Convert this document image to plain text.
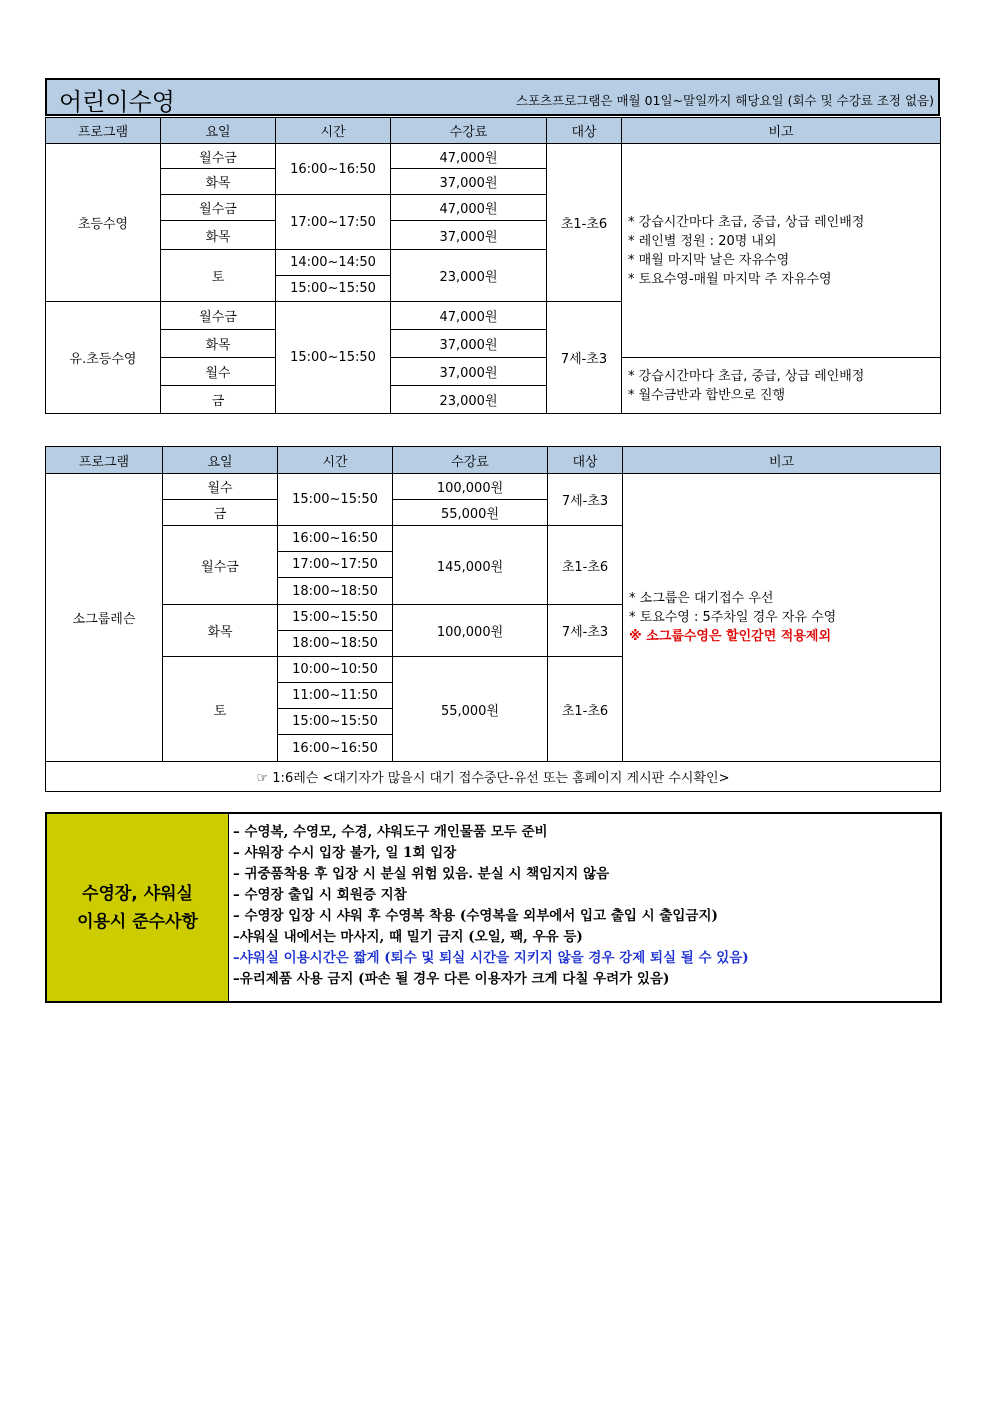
어린이수영	스포츠프로그램은 매월 01일~말일까지 해당요일 (회수 및 수강료 조정 없음)
프로그램	요일	시간	수강료	대상	비고
초등수영	월수금	16:00~16:50	47,000원	초1-초6	* 강습시간마다 초급, 중급, 상급 레인배정
* 레인별 정원 : 20명 내외
* 매월 마지막 날은 자유수영
* 토요수영-매월 마지막 주 자유수영

	화목		37,000원		
	월수금	17:00~17:50	47,000원		
	화목		37,000원		
	토	14:00~14:50	23,000원		
		15:00~15:50			
유.초등수영	월수금	15:00~15:50	47,000원	7세-초3	
	화목		37,000원		
	월수		37,000원		* 강습시간마다 초급, 중급, 상급 레인배정
* 월수금반과 합반으로 진행

	금		23,000원		
프로그램	요일	시간	수강료	대상	비고
소그룹레슨	월수	15:00~15:50	100,000원	7세-초3	* 소그룹은 대기접수 우선
* 토요수영 : 5주차일 경우 자유 수영
※ 소그룹수영은 할인감면 적용제외

	금		55,000원		
	월수금	16:00~16:50	145,000원	초1-초6	
		17:00~17:50			
		18:00~18:50			
	화목	15:00~15:50	100,000원	7세-초3	
		18:00~18:50			
	토	10:00~10:50	55,000원	초1-초6	
		11:00~11:50			
		15:00~15:50			
		16:00~16:50			
☞ 1:6레슨 <대기자가 많을시 대기 접수중단-유선 또는 홈페이지 게시판 수시확인>					
수영장, 샤워실
이용시 준수사항
– 수영복, 수영모, 수경, 샤워도구 개인물품 모두 준비
– 샤워장 수시 입장 불가, 일 1회 입장
– 귀중품착용 후 입장 시 분실 위험 있음. 분실 시 책임지지 않음
– 수영장 출입 시 회원증 지참
– 수영장 입장 시 샤워 후 수영복 착용 (수영복을 외부에서 입고 출입 시 출입금지)
–샤워실 내에서는 마사지, 때 밀기 금지 (오일, 팩, 우유 등)
–샤워실 이용시간은 짧게 (퇴수 및 퇴실 시간을 지키지 않을 경우 강제 퇴실 될 수 있음)
–유리제품 사용 금지 (파손 될 경우 다른 이용자가 크게 다칠 우려가 있음)
